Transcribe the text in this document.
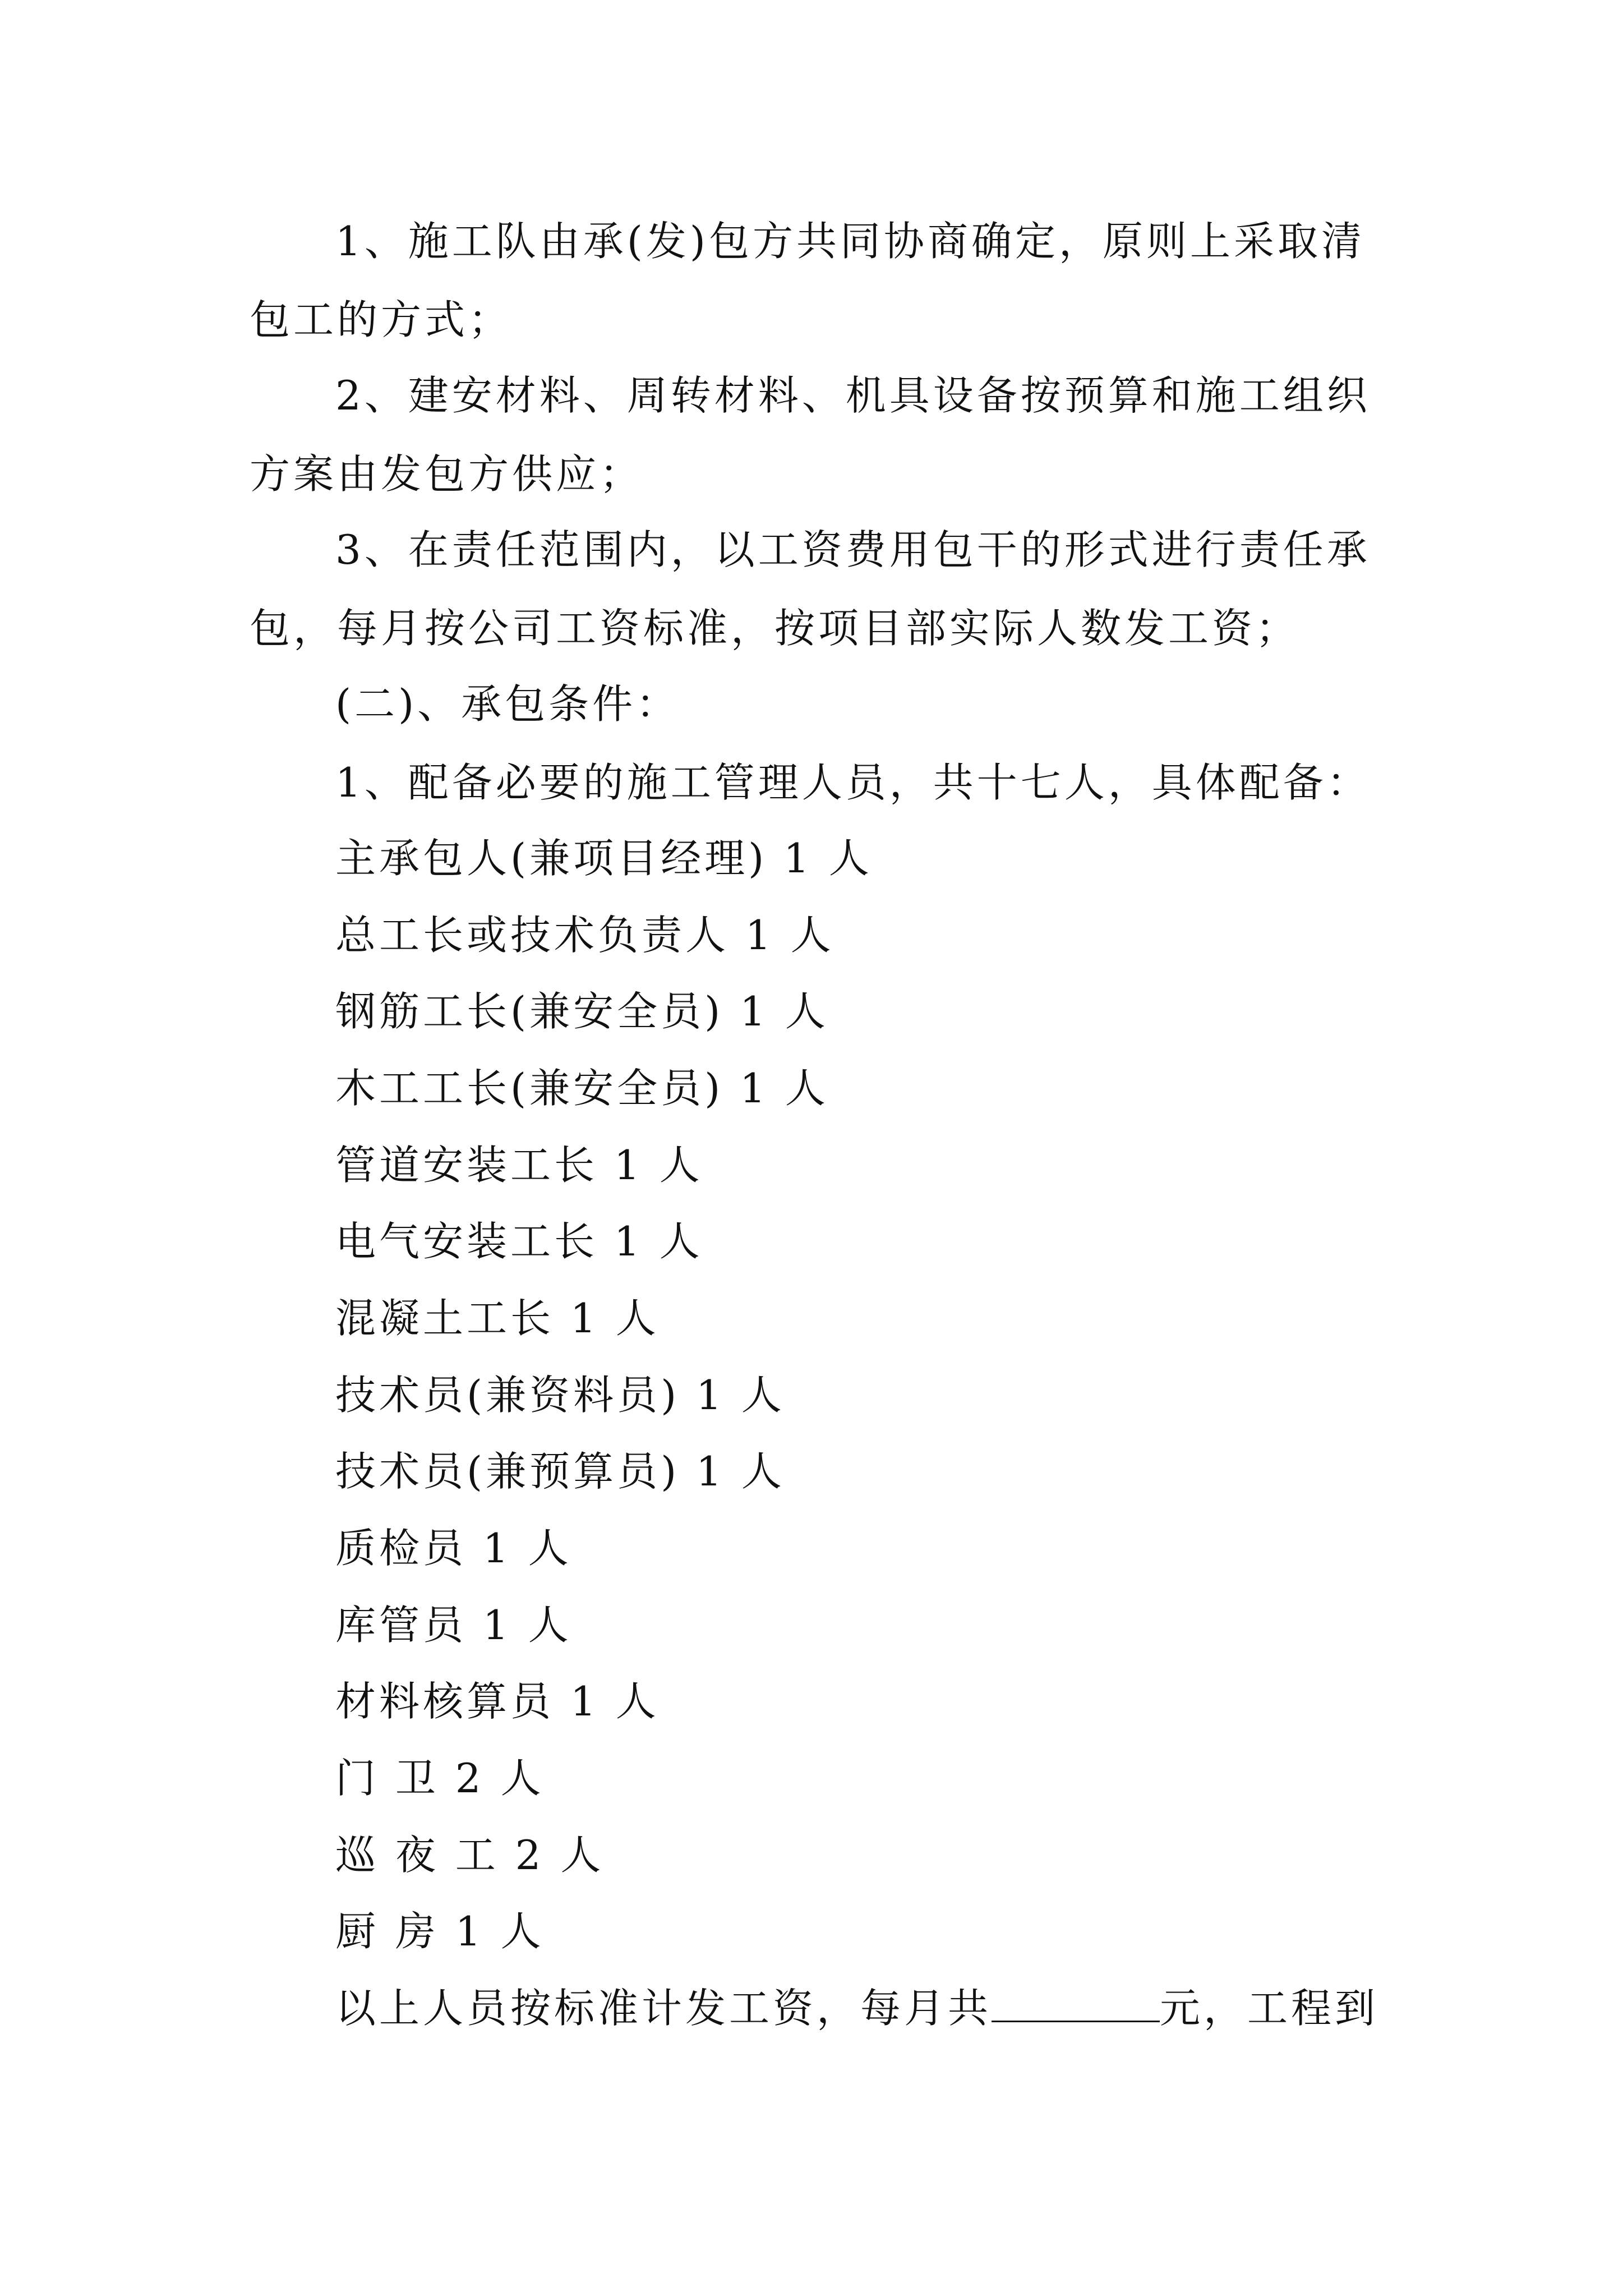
1、施工队由承(发)包方共同协商确定，原则上采取清
包工的方式；
2、建安材料、周转材料、机具设备按预算和施工组织
方案由发包方供应；
3、在责任范围内，以工资费用包干的形式进行责任承
包，每月按公司工资标准，按项目部实际人数发工资；
(二)、承包条件：
1、配备必要的施工管理人员，共十七人，具体配备：
主承包人(兼项目经理) 1 人
总工长或技术负责人 1 人
钢筋工长(兼安全员) 1 人
木工工长(兼安全员) 1 人
管道安装工长 1 人
电气安装工长 1 人
混凝土工长 1 人
技术员(兼资料员) 1 人
技术员(兼预算员) 1 人
质检员 1 人
库管员 1 人
材料核算员 1 人
门 卫 2 人
巡 夜 工 2 人
厨 房 1 人
以上人员按标准计发工资，每月共	元，工程到
